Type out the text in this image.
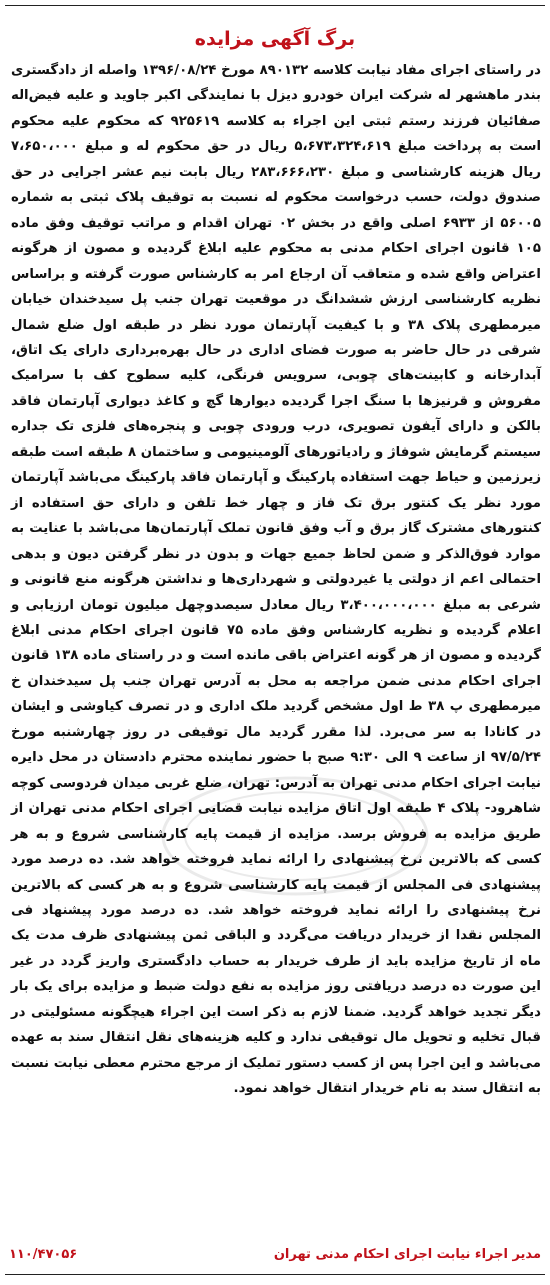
برگ آگهی مزایده

در راستای اجرای مفاد نیابت کلاسه ۸۹۰۱۳۲ مورخ ۱۳۹۶/۰۸/۲۴ واصله از دادگستری بندر ماهشهر له شرکت ایران خودرو دیزل با نمایندگی اکبر جاوید و علیه فیض‌اله صفائیان فرزند رستم ثبتی این اجراء به کلاسه ۹۲۵۶۱۹ که محکوم علیه محکوم است به پرداخت مبلغ ۵،۶۷۳،۳۲۴،۶۱۹ ریال در حق محکوم له و مبلغ ۷،۶۵۰،۰۰۰ ریال هزینه کارشناسی و مبلغ ۲۸۳،۶۶۶،۲۳۰ ریال بابت نیم عشر اجرایی در حق صندوق دولت، حسب درخواست محکوم له نسبت به توقیف پلاک ثبتی به شماره ۵۶۰۰۵ از ۶۹۳۳ اصلی واقع در بخش ۰۲ تهران اقدام و مراتب توقیف وفق ماده ۱۰۵ قانون اجرای احکام مدنی به محکوم علیه ابلاغ گردیده و مصون از هرگونه اعتراض واقع شده و متعاقب آن ارجاع امر به کارشناس صورت گرفته و براساس نظریه کارشناسی ارزش ششدانگ در موقعیت تهران جنب پل سیدخندان خیابان میرمطهری پلاک ۳۸ و با کیفیت آپارتمان مورد نظر در طبقه اول ضلع شمال شرقی در حال حاضر به صورت فضای اداری در حال بهره‌برداری دارای یک اتاق، آبدارخانه و کابینت‌های چوبی، سرویس فرنگی، کلیه سطوح کف با سرامیک مفروش و قرنیزها با سنگ اجرا گردیده دیوارها گچ و کاغذ دیواری آپارتمان فاقد بالکن و دارای آیفون تصویری، درب ورودی چوبی و پنجره‌های فلزی تک جداره سیستم گرمایش شوفاژ و رادیاتورهای آلومینیومی و ساختمان ۸ طبقه است طبقه زیرزمین و حیاط جهت استفاده پارکینگ و آپارتمان فاقد پارکینگ می‌باشد آپارتمان مورد نظر یک کنتور برق تک فاز و چهار خط تلفن و دارای حق استفاده از کنتورهای مشترک گاز برق و آب وفق قانون تملک آپارتمان‌ها می‌باشد با عنایت به موارد فوق‌الذکر و ضمن لحاظ جمیع جهات و بدون در نظر گرفتن دیون و بدهی احتمالی اعم از دولتی یا غیردولتی و شهرداری‌ها و نداشتن هرگونه منع قانونی و شرعی به مبلغ ۳،۴۰۰،۰۰۰،۰۰۰ ریال معادل سیصدوچهل میلیون تومان ارزیابی و اعلام گردیده و نظریه کارشناس وفق ماده ۷۵ قانون اجرای احکام مدنی ابلاغ گردیده و مصون از هر گونه اعتراض باقی مانده است و در راستای ماده ۱۳۸ قانون اجرای احکام مدنی ضمن مراجعه به محل به آدرس تهران جنب پل سیدخندان خ میرمطهری پ ۳۸ ط اول مشخص گردید ملک اداری و در تصرف کیاوشی و ایشان در کانادا به سر می‌برد. لذا مقرر گردید مال توقیفی در روز چهارشنبه مورخ ۹۷/۵/۲۴ از ساعت ۹ الی ۹:۳۰ صبح با حضور نماینده محترم دادستان در محل دایره نیابت اجرای احکام مدنی تهران به آدرس: تهران، ضلع غربی میدان فردوسی کوچه شاهرود- پلاک ۴ طبقه اول اتاق مزایده نیابت قضایی اجرای احکام مدنی تهران از طریق مزایده به فروش برسد. مزایده از قیمت پایه کارشناسی شروع و به هر کسی که بالاترین نرخ پیشنهادی را ارائه نماید فروخته خواهد شد. ده درصد مورد پیشنهادی فی المجلس از قیمت پایه کارشناسی شروع و به هر کسی که بالاترین نرخ پیشنهادی را ارائه نماید فروخته خواهد شد. ده درصد مورد پیشنهاد فی المجلس نقدا از خریدار دریافت می‌گردد و الباقی ثمن پیشنهادی ظرف مدت یک ماه از تاریخ مزایده باید از طرف خریدار به حساب دادگستری واریز گردد در غیر این صورت ده درصد دریافتی روز مزایده به نفع دولت ضبط و مزایده برای یک بار دیگر تجدید خواهد گردید. ضمنا لازم به ذکر است این اجراء هیچگونه مسئولیتی در قبال تخلیه و تحویل مال توقیفی ندارد و کلیه هزینه‌های نقل انتقال سند به عهده می‌باشد و این اجرا پس از کسب دستور تملیک از مرجع محترم معطی نیابت نسبت به انتقال سند به نام خریدار انتقال خواهد نمود.

مدیر اجراء نیابت اجرای احکام مدنی تهران
۱۱۰/۴۷۰۵۶
